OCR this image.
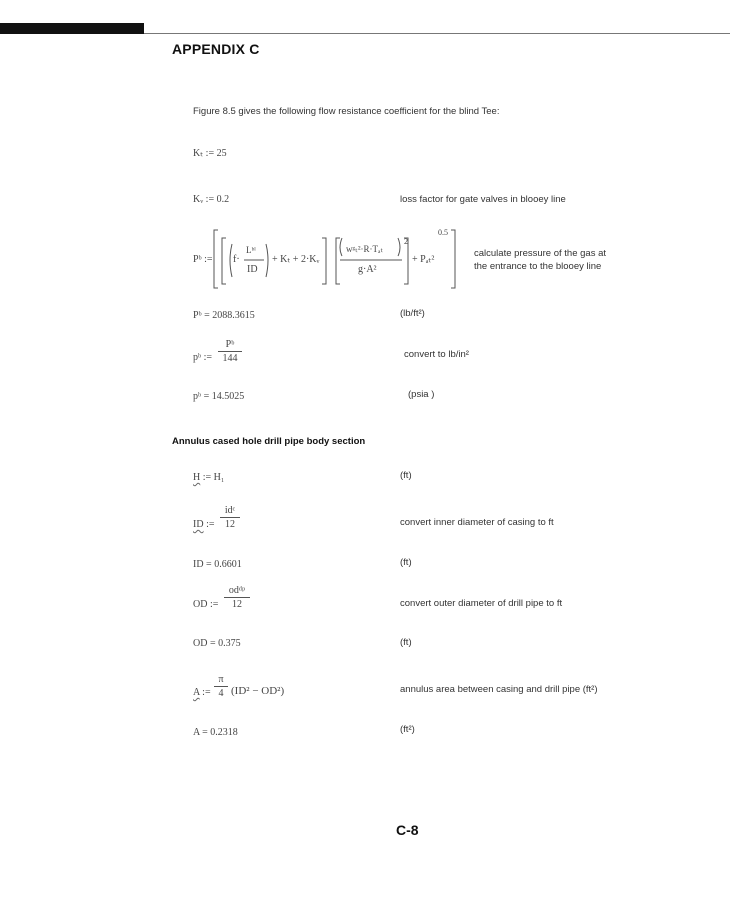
APPENDIX C
Figure 8.5 gives the following flow resistance coefficient for the blind Tee:
Kₜ := 25
Kᵥ := 0.2	loss factor for gate valves in blooey line
Pᵇ := f·
Lᵇˡ
ID
+ Kₜ + 2·Kᵥ
wᵍₜ²·R·Tₐₜ
g·A²
2
+ Pₐₜ²
0.5
calculate pressure of the gas at
the entrance to the blooey line
Pᵇ = 2088.3615	(lb/ft²)
pᵇ :=
Pᵇ
144	convert to lb/in²
pᵇ = 14.5025	(psia )
Annulus cased hole drill pipe body section
H := H₁	(ft)
ID :=
idᶜ
12	convert inner diameter of casing to ft
ID = 0.6601	(ft)
OD :=
odᵈᵖ
12	convert outer diameter of drill pipe to ft
OD = 0.375	(ft)
A :=
π
4 (ID² − OD²)	annulus area between casing and drill pipe (ft²)
A = 0.2318	(ft²)
C-8
